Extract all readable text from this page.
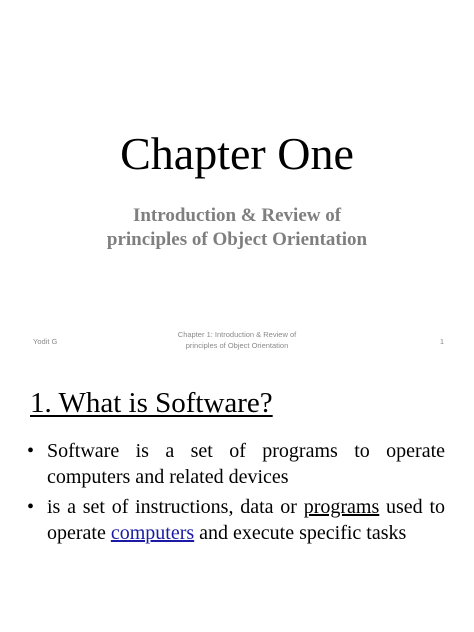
Chapter One
Introduction & Review of
principles of Object Orientation
Yodit G
Chapter 1: Introduction & Review of
principles of Object Orientation	1
1. What is Software?
• Software is a set of programs to operate computers and related devices
• is a set of instructions, data or programs used to operate computers and execute specific tasks
